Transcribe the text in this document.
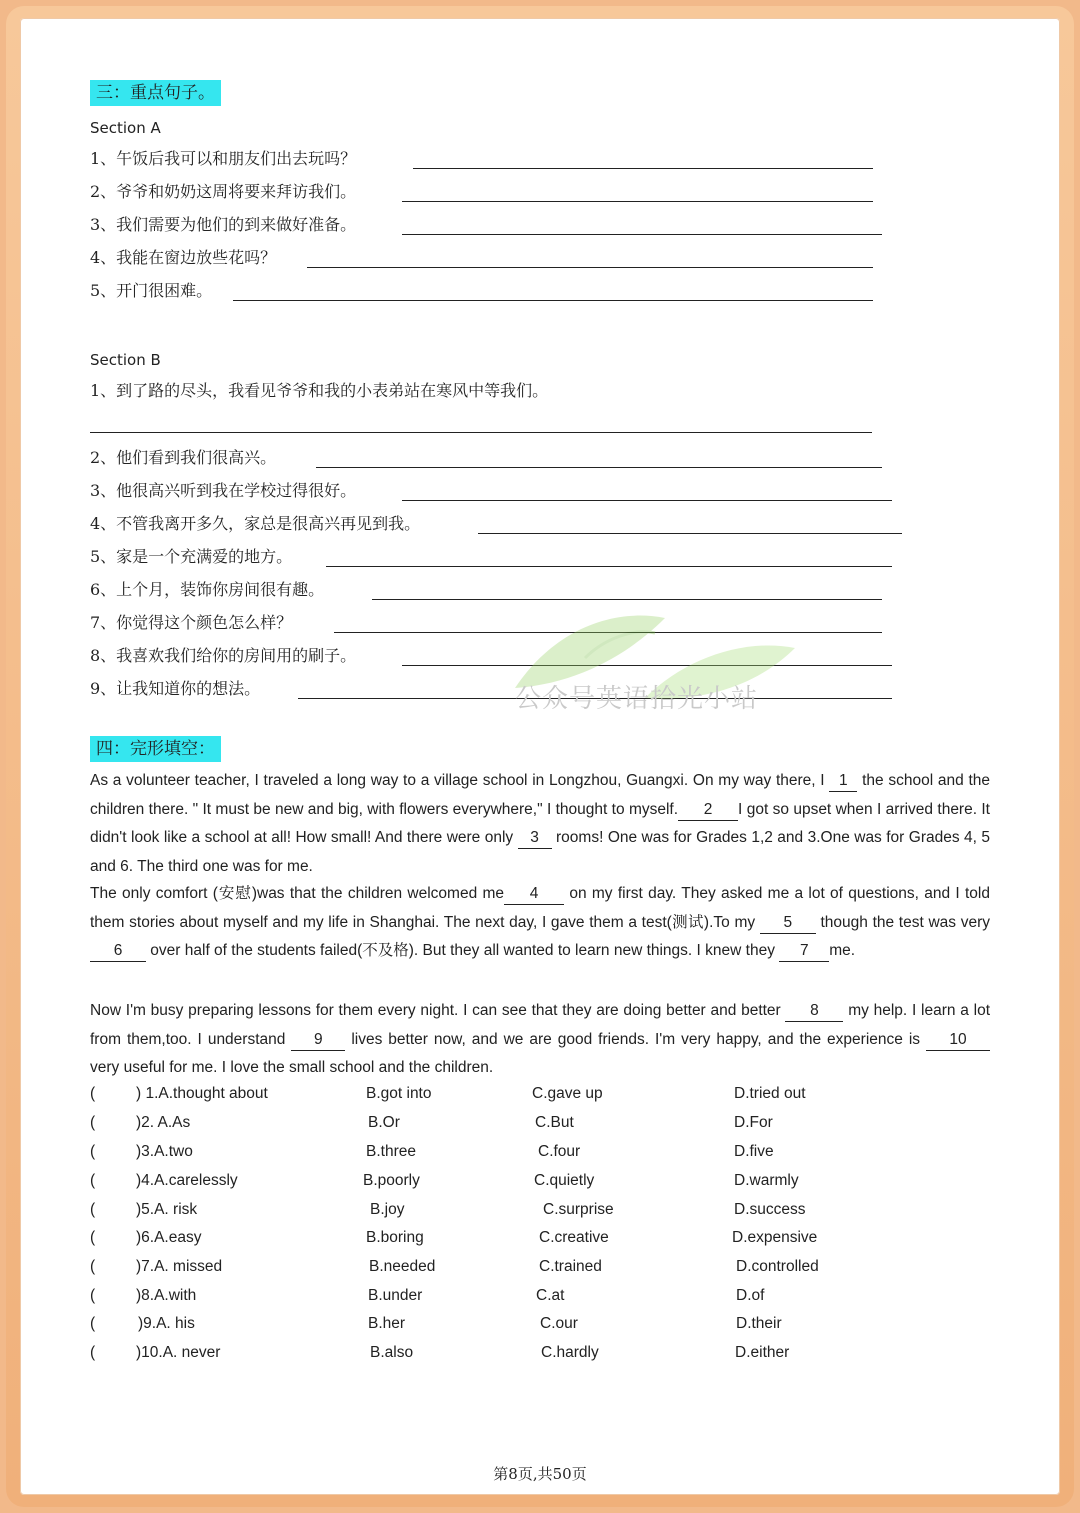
三：重点句子。
Section A
1、午饭后我可以和朋友们出去玩吗？
2、爷爷和奶奶这周将要来拜访我们。
3、我们需要为他们的到来做好准备。
4、我能在窗边放些花吗？
5、开门很困难。
Section B
1、到了路的尽头，我看见爷爷和我的小表弟站在寒风中等我们。
2、他们看到我们很高兴。
3、他很高兴听到我在学校过得很好。
4、不管我离开多久，家总是很高兴再见到我。
5、家是一个充满爱的地方。
6、上个月，装饰你房间很有趣。
7、你觉得这个颜色怎么样？
8、我喜欢我们给你的房间用的刷子。
9、让我知道你的想法。	公众号英语拾光小站
四：完形填空：
As a volunteer teacher, I traveled a long way to a village school in Longzhou, Guangxi. On my way there, I 1 the school and the children there. " It must be new and big, with flowers everywhere," I thought to myself. 2 I got so upset when I arrived there. It didn't look like a school at all! How small! And there were only 3 rooms! One was for Grades 1,2 and 3.One was for Grades 4, 5 and 6. The third one was for me.
The only comfort (安慰)was that the children welcomed me 4 on my first day. They asked me a lot of questions, and I told them stories about myself and my life in Shanghai. The next day, I gave them a test(测试).To my 5 though the test was very 6 over half of the students failed(不及格). But they all wanted to learn new things. I knew they 7 me.
Now I'm busy preparing lessons for them every night. I can see that they are doing better and better 8 my help. I learn a lot from them,too. I understand 9 lives better now, and we are good friends. I'm very happy, and the experience is 10 very useful for me. I love the small school and the children.
(	) 1.A.thought about	B.got into	C.gave up	D.tried out
(	)2. A.As	B.Or	C.But	D.For
(	)3.A.two	B.three	C.four	D.five
(	)4.A.carelessly	B.poorly	C.quietly	D.warmly
(	)5.A. risk	B.joy	C.surprise	D.success
(	)6.A.easy	B.boring	C.creative	D.expensive
(	)7.A. missed	B.needed	C.trained	D.controlled
(	)8.A.with	B.under	C.at	D.of
(	)9.A. his	B.her	C.our	D.their
(	)10.A. never	B.also	C.hardly	D.either
第8页,共50页
